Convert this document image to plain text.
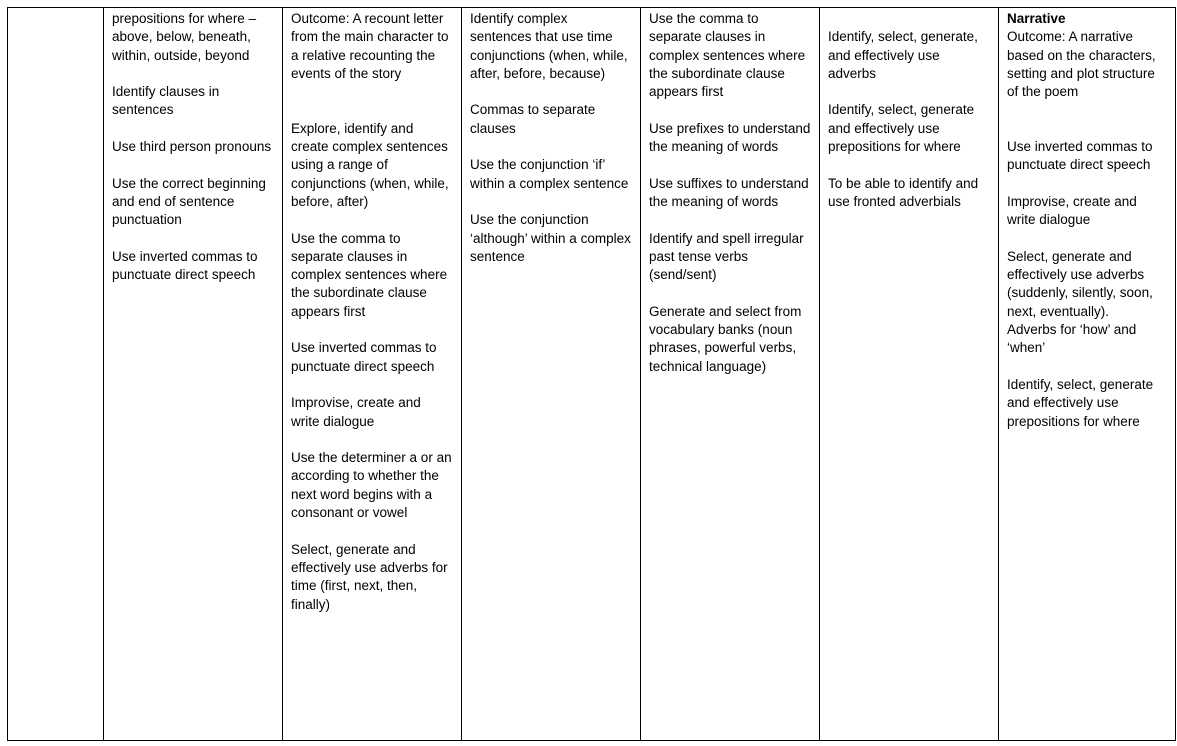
prepositions for where – above, below, beneath, within, outside, beyond
Identify clauses in sentences
Use third person pronouns
Use the correct beginning and end of sentence punctuation
Use inverted commas to punctuate direct speech

Outcome: A recount letter from the main character to a relative recounting the events of the story
Explore, identify and create complex sentences using a range of conjunctions (when, while, before, after)
Use the comma to separate clauses in complex sentences where the subordinate clause appears first
Use inverted commas to punctuate direct speech
Improvise, create and write dialogue
Use the determiner a or an according to whether the next word begins with a consonant or vowel
Select, generate and effectively use adverbs for time (first, next, then, finally)

Identify complex sentences that use time conjunctions (when, while, after, before, because)
Commas to separate clauses
Use the conjunction ‘if’ within a complex sentence
Use the conjunction ‘although’ within a complex sentence

Use the comma to separate clauses in complex sentences where the subordinate clause appears first
Use prefixes to understand the meaning of words
Use suffixes to understand the meaning of words
Identify and spell irregular past tense verbs (send/sent)
Generate and select from vocabulary banks (noun phrases, powerful verbs, technical language)

Identify, select, generate, and effectively use adverbs
Identify, select, generate and effectively use prepositions for where
To be able to identify and use fronted adverbials

Narrative
Outcome: A narrative based on the characters, setting and plot structure of the poem
Use inverted commas to punctuate direct speech
Improvise, create and write dialogue
Select, generate and effectively use adverbs (suddenly, silently, soon, next, eventually).
Adverbs for ‘how’ and ‘when’
Identify, select, generate and effectively use prepositions for where
